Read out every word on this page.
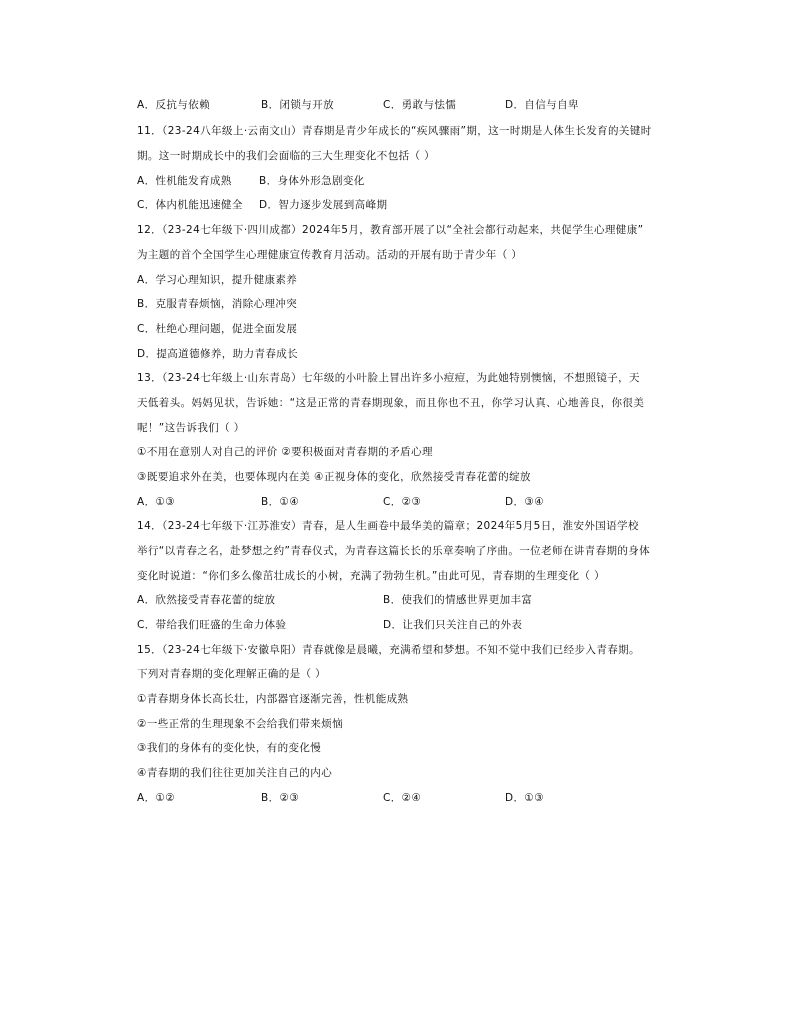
A．反抗与依赖	B．闭锁与开放	C．勇敢与怯懦	D．自信与自卑
11．（23-24八年级上·云南文山）青春期是青少年成长的“疾风骤雨”期，这一时期是人体生长发育的关键时
期。这一时期成长中的我们会面临的三大生理变化不包括（ ）
A．性机能发育成熟	B．身体外形急剧变化
C．体内机能迅速健全 D．智力逐步发展到高峰期
12．（23-24七年级下·四川成都）2024年5月，教育部开展了以“全社会都行动起来，共促学生心理健康”
为主题的首个全国学生心理健康宣传教育月活动。活动的开展有助于青少年（ ）
A．学习心理知识，提升健康素养
B．克服青春烦恼，消除心理冲突
C．杜绝心理问题，促进全面发展
D．提高道德修养，助力青春成长
13．（23-24七年级上·山东青岛）七年级的小叶脸上冒出许多小痘痘，为此她特别懊恼，不想照镜子，天
天低着头。妈妈见状，告诉她：“这是正常的青春期现象，而且你也不丑，你学习认真、心地善良，你很美
呢！”这告诉我们（ ）
①不用在意别人对自己的评价 ②要积极面对青春期的矛盾心理
③既要追求外在美，也要体现内在美 ④正视身体的变化，欣然接受青春花蕾的绽放
A．①③	B．①④	C．②③	D．③④
14．（23-24七年级下·江苏淮安）青春，是人生画卷中最华美的篇章；2024年5月5日，淮安外国语学校
举行“以青春之名，赴梦想之约”青春仪式，为青春这篇长长的乐章奏响了序曲。一位老师在讲青春期的身体
变化时说道：“你们多么像茁壮成长的小树，充满了勃勃生机。”由此可见，青春期的生理变化（ ）
A．欣然接受青春花蕾的绽放	B．使我们的情感世界更加丰富
C．带给我们旺盛的生命力体验	D．让我们只关注自己的外表
15．（23-24七年级下·安徽阜阳）青春就像是晨曦，充满希望和梦想。不知不觉中我们已经步入青春期。
下列对青春期的变化理解正确的是（ ）
①青春期身体长高长壮，内部器官逐渐完善，性机能成熟
②一些正常的生理现象不会给我们带来烦恼
③我们的身体有的变化快，有的变化慢
④青春期的我们往往更加关注自己的内心
A．①②	B．②③	C．②④	D．①③
